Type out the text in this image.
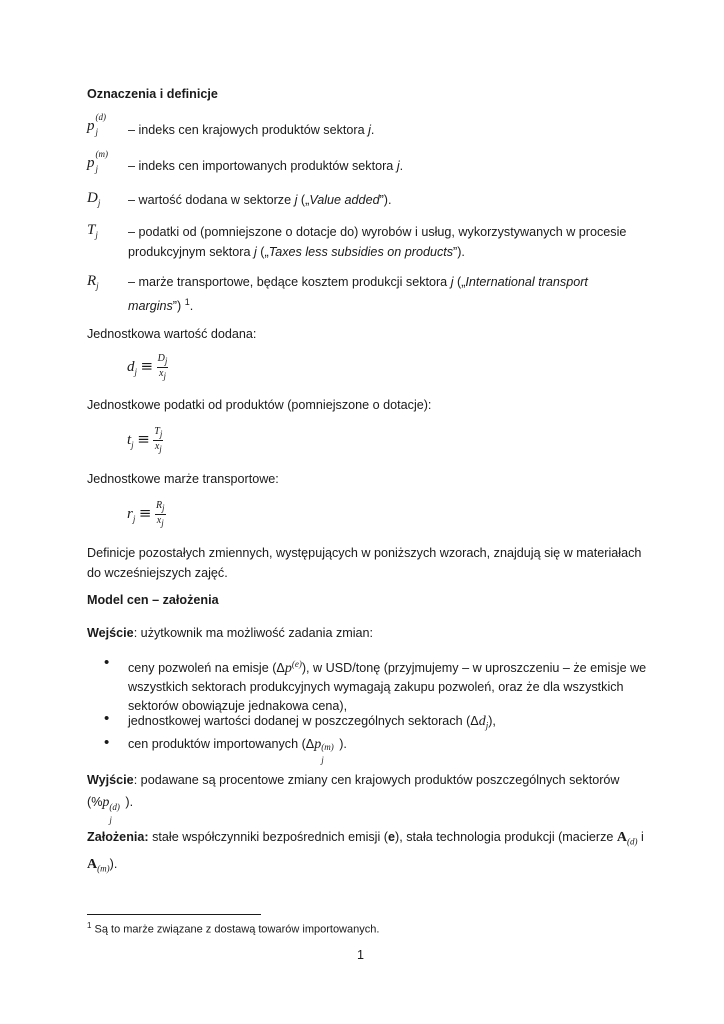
Oznaczenia i definicje
p
(d)
j – indeks cen krajowych produktów sektora j.
p
(m)
j – indeks cen importowanych produktów sektora j.
$D_j$ – wartość dodana w sektorze j („Value added”).
$T_j$ – podatki od (pomniejszone o dotacje do) wyrobów i usług, wykorzystywanych w procesie
produkcyjnym sektora j („Taxes less subsidies on products”).
$R_j$ – marże transportowe, będące kosztem produkcji sektora j („International transport
margins”) $^1$.
Jednostkowa wartość dodana:
$d_j \equiv \frac{D_j}{x_j}$
Jednostkowe podatki od produktów (pomniejszone o dotacje):
$t_j \equiv \frac{T_j}{x_j}$
Jednostkowe marże transportowe:
$r_j \equiv \frac{R_j}{x_j}$
Definicje pozostałych zmiennych, występujących w poniższych wzorach, znajdują się w materiałach
do wcześniejszych zajęć.
Model cen – założenia
Wejście: użytkownik ma możliwość zadania zmian:
• ceny pozwoleń na emisje $(\Delta p^{(e)})$, w USD/tonę (przyjmujemy – w uproszczeniu – że emisje we
wszystkich sektorach produkcyjnych wymagają zakupu pozwoleń, oraz że dla wszystkich
sektorów obowiązuje jednakowa cena),
• jednostkowej wartości dodanej w poszczególnych sektorach $(\Delta d_j)$,
• cen produktów importowanych (Δp (m)
j
).
Wyjście: podawane są procentowe zmiany cen krajowych produktów poszczególnych sektorów
(%p (d)
j
).
Założenia: stałe współczynniki bezpośrednich emisji (e), stała technologia produkcji (macierze $A_{(d)}$ i
$A_{(m)}$).
$^1$ Są to marże związane z dostawą towarów importowanych.
1
